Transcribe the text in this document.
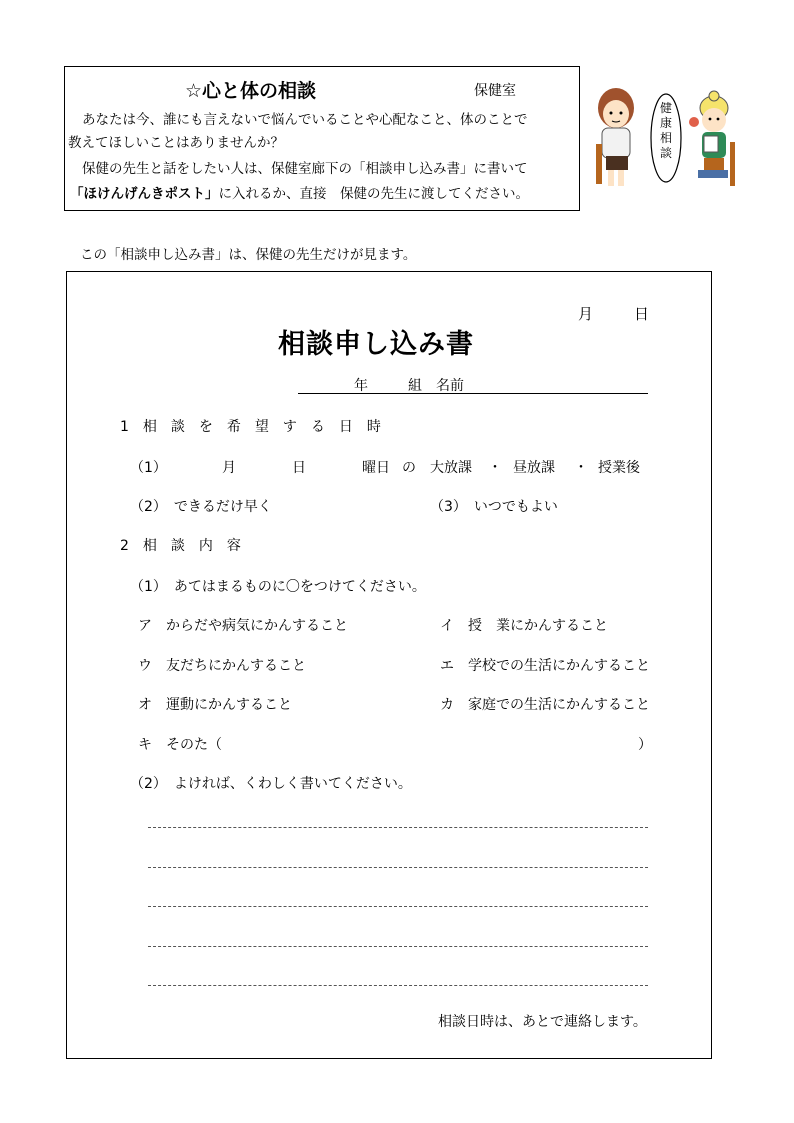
☆心と体の相談	保健室
あなたは今、誰にも言えないで悩んでいることや心配なこと、体のことで
教えてほしいことはありませんか？
保健の先生と話をしたい人は、保健室廊下の「相談申し込み書」に書いて
「ほけんげんきポスト」に入れるか、直接　保健の先生に渡してください。
健康相談
この「相談申し込み書」は、保健の先生だけが見ます。
月	日
相談申し込み書
年	組 名前
1　相　談　を　希　望　す　る　日　時
（1）	月	日	曜日 の 大放課 ・ 昼放課 ・ 授業後
（2）　できるだけ早く	（3）　いつでもよい
2　相　談　内　容
（1）　あてはまるものに〇をつけてください。
ア　からだや病気にかんすること	イ　授　業にかんすること
ウ　友だちにかんすること	エ　学校での生活にかんすること
オ　運動にかんすること	カ　家庭での生活にかんすること
キ　そのた（	）
（2）　よければ、くわしく書いてください。
相談日時は、あとで連絡します。
